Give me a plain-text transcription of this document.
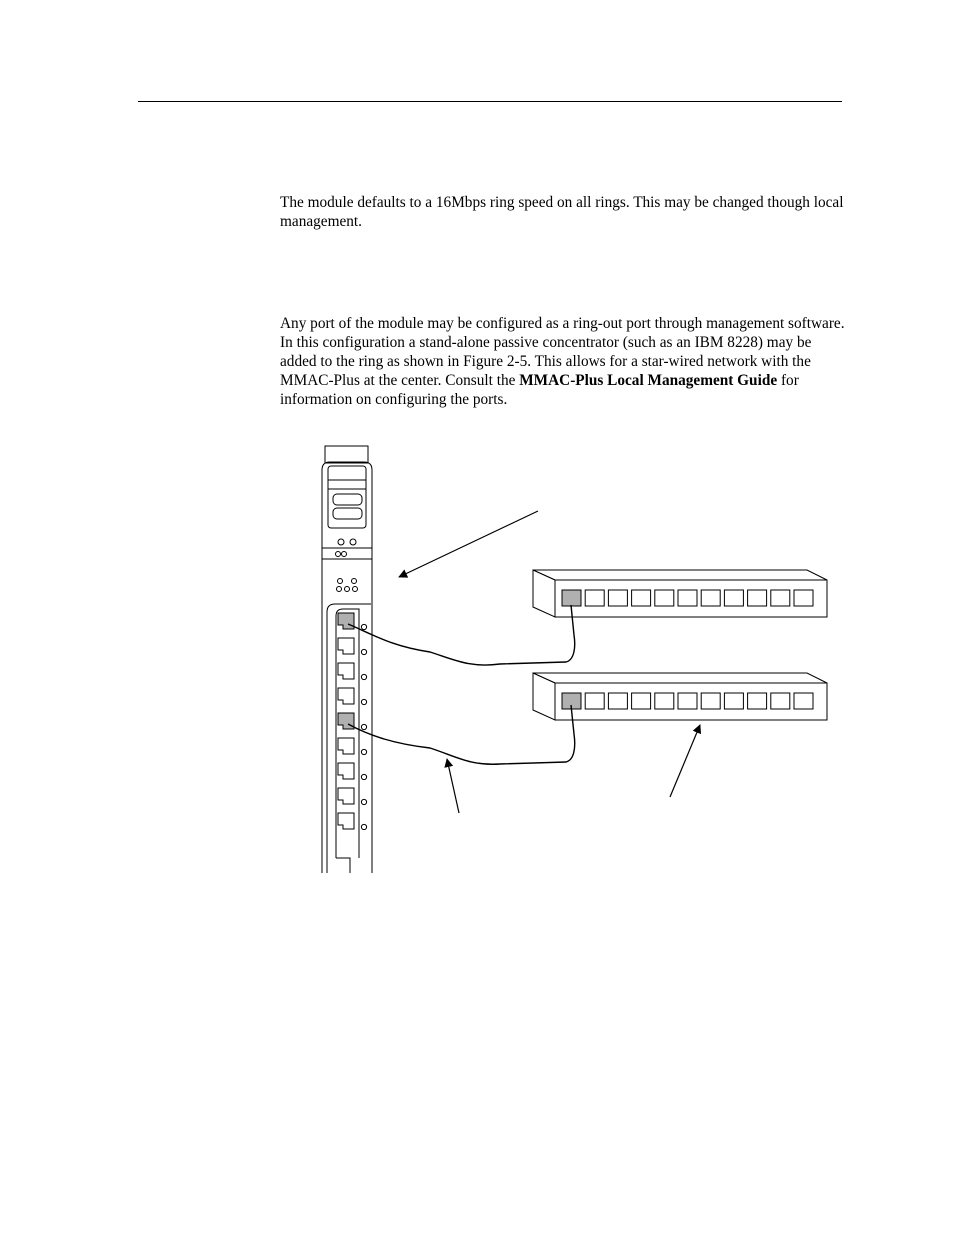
The module defaults to a 16Mbps ring speed on all rings. This may be changed though local management.

Any port of the module may be configured as a ring-out port through management software. In this configuration a stand-alone passive concentrator (such as an IBM 8228) may be added to the ring as shown in Figure 2-5. This allows for a star-wired network with the MMAC-Plus at the center. Consult the MMAC-Plus Local Management Guide for information on configuring the ports.
